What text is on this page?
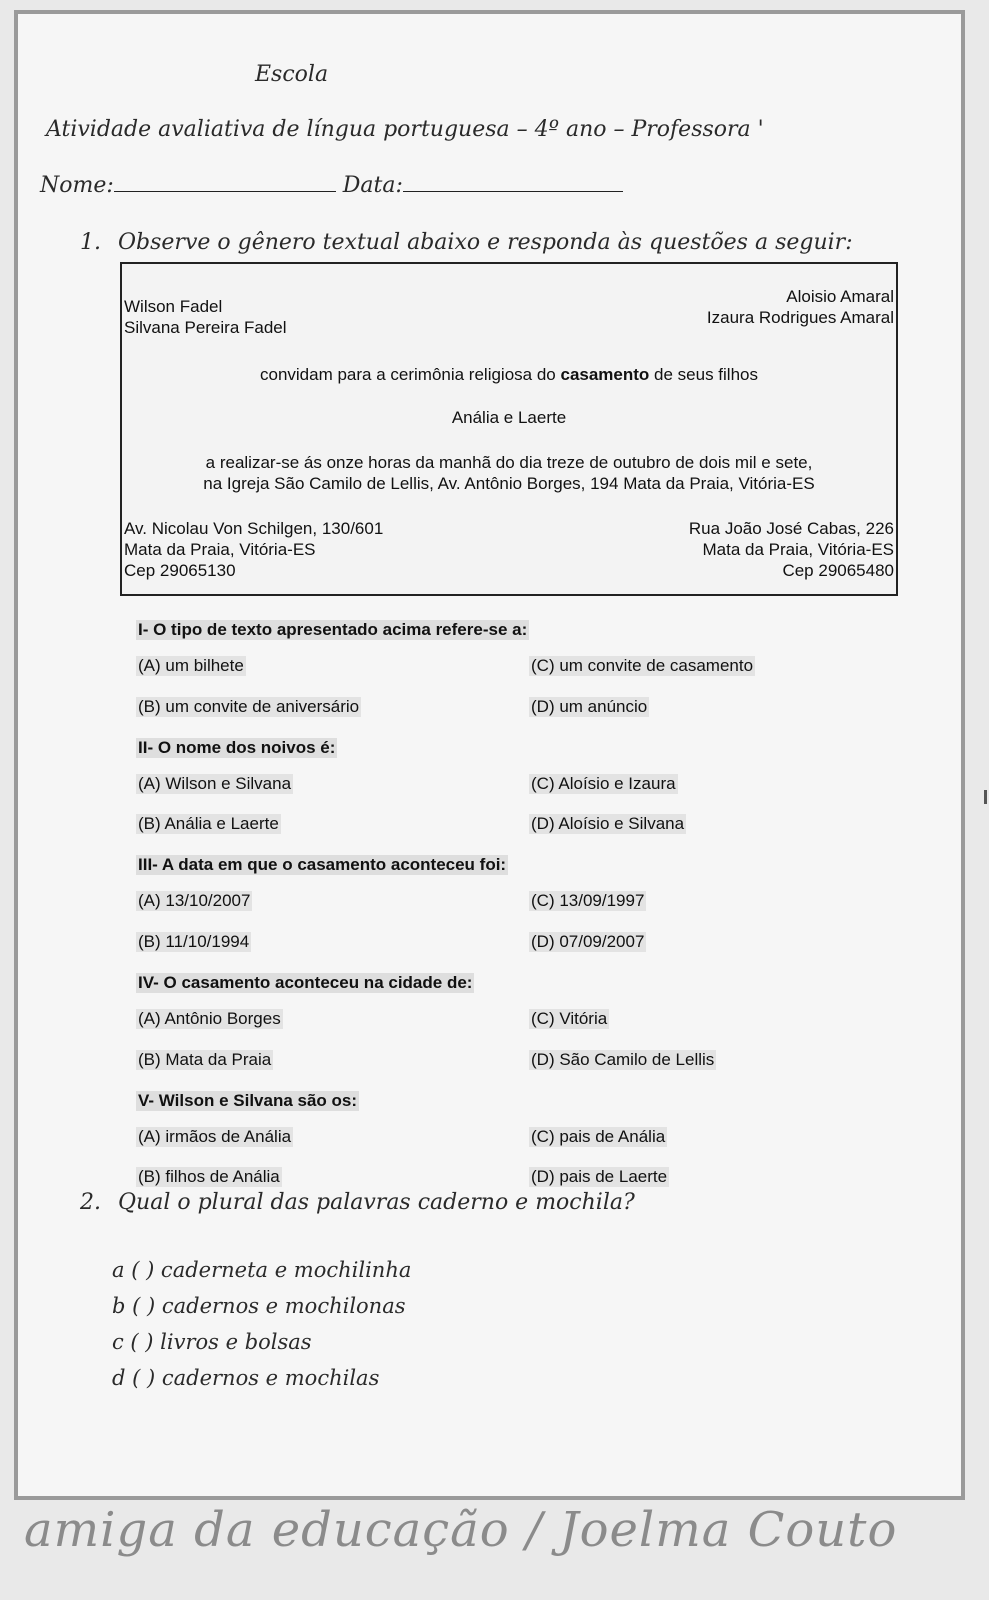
Escola
Atividade avaliativa de língua portuguesa – 4º ano – Professora '
Nome:	Data:
1. Observe o gênero textual abaixo e responda às questões a seguir:
Wilson Fadel
Silvana Pereira Fadel
Aloisio Amaral
Izaura Rodrigues Amaral
convidam para a cerimônia religiosa do casamento de seus filhos
Anália e Laerte
a realizar-se ás onze horas da manhã do dia treze de outubro de dois mil e sete,
na Igreja São Camilo de Lellis, Av. Antônio Borges, 194 Mata da Praia, Vitória-ES
Av. Nicolau Von Schilgen, 130/601
Mata da Praia, Vitória-ES
Cep 29065130
Rua João José Cabas, 226
Mata da Praia, Vitória-ES
Cep 29065480
I- O tipo de texto apresentado acima refere-se a:
(A) um bilhete	(C) um convite de casamento
(B) um convite de aniversário	(D) um anúncio
II- O nome dos noivos é:
(A) Wilson e Silvana	(C) Aloísio e Izaura
(B) Anália e Laerte	(D) Aloísio e Silvana
III- A data em que o casamento aconteceu foi:
(A) 13/10/2007	(C) 13/09/1997
(B) 11/10/1994	(D) 07/09/2007
IV- O casamento aconteceu na cidade de:
(A) Antônio Borges	(C) Vitória
(B) Mata da Praia	(D) São Camilo de Lellis
V- Wilson e Silvana são os:
(A) irmãos de Anália	(C) pais de Anália
(B) filhos de Anália	(D) pais de Laerte
2. Qual o plural das palavras caderno e mochila?
a ( ) caderneta e mochilinha
b ( ) cadernos e mochilonas
c ( ) livros e bolsas
d ( ) cadernos e mochilas
amiga da educação / Joelma Couto
